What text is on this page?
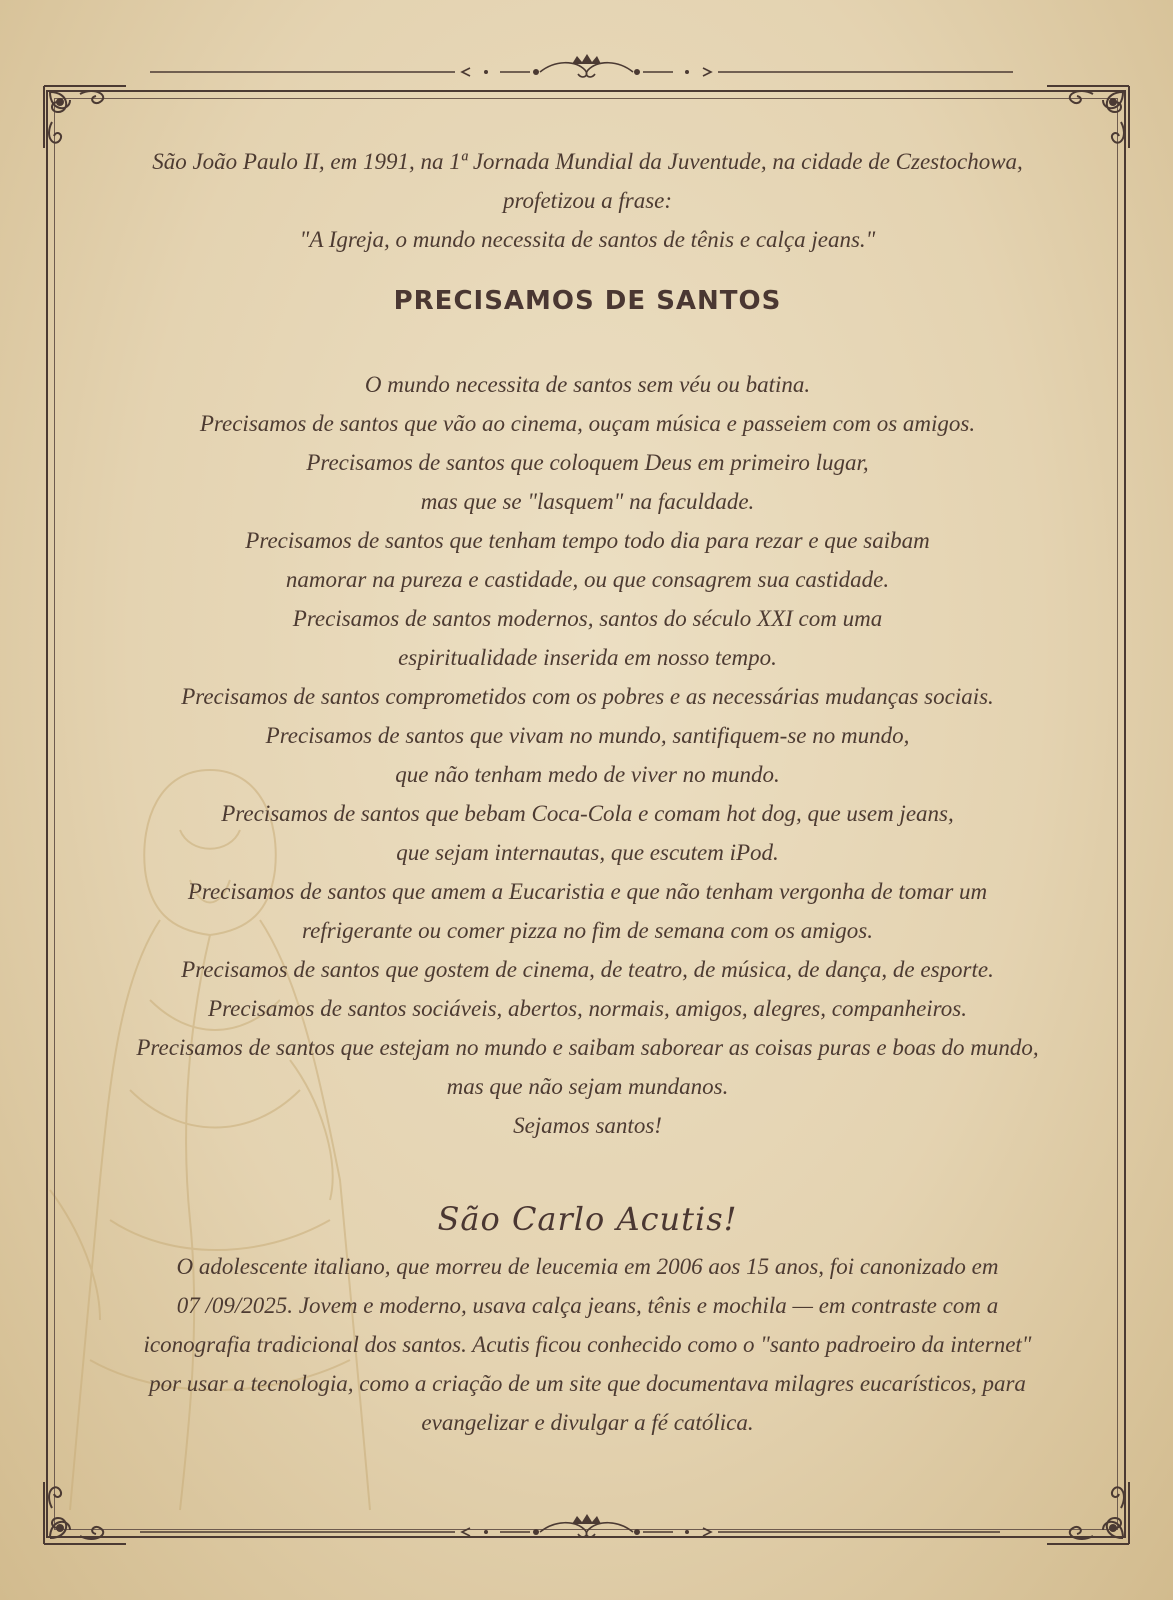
São João Paulo II, em 1991, na 1ª Jornada Mundial da Juventude, na cidade de Czestochowa,

profetizou a frase:

"A Igreja, o mundo necessita de santos de tênis e calça jeans."

PRECISAMOS DE SANTOS

O mundo necessita de santos sem véu ou batina.

Precisamos de santos que vão ao cinema, ouçam música e passeiem com os amigos.

Precisamos de santos que coloquem Deus em primeiro lugar,

mas que se "lasquem" na faculdade.

Precisamos de santos que tenham tempo todo dia para rezar e que saibam

namorar na pureza e castidade, ou que consagrem sua castidade.

Precisamos de santos modernos, santos do século XXI com uma

espiritualidade inserida em nosso tempo.

Precisamos de santos comprometidos com os pobres e as necessárias mudanças sociais.

Precisamos de santos que vivam no mundo, santifiquem-se no mundo,

que não tenham medo de viver no mundo.

Precisamos de santos que bebam Coca-Cola e comam hot dog, que usem jeans,

que sejam internautas, que escutem iPod.

Precisamos de santos que amem a Eucaristia e que não tenham vergonha de tomar um

refrigerante ou comer pizza no fim de semana com os amigos.

Precisamos de santos que gostem de cinema, de teatro, de música, de dança, de esporte.

Precisamos de santos sociáveis, abertos, normais, amigos, alegres, companheiros.

Precisamos de santos que estejam no mundo e saibam saborear as coisas puras e boas do mundo,

mas que não sejam mundanos.

Sejamos santos!

São Carlo Acutis!

O adolescente italiano, que morreu de leucemia em 2006 aos 15 anos, foi canonizado em

07 /09/2025. Jovem e moderno, usava calça jeans, tênis e mochila — em contraste com a

iconografia tradicional dos santos. Acutis ficou conhecido como o "santo padroeiro da internet"

por usar a tecnologia, como a criação de um site que documentava milagres eucarísticos, para

evangelizar e divulgar a fé católica.
